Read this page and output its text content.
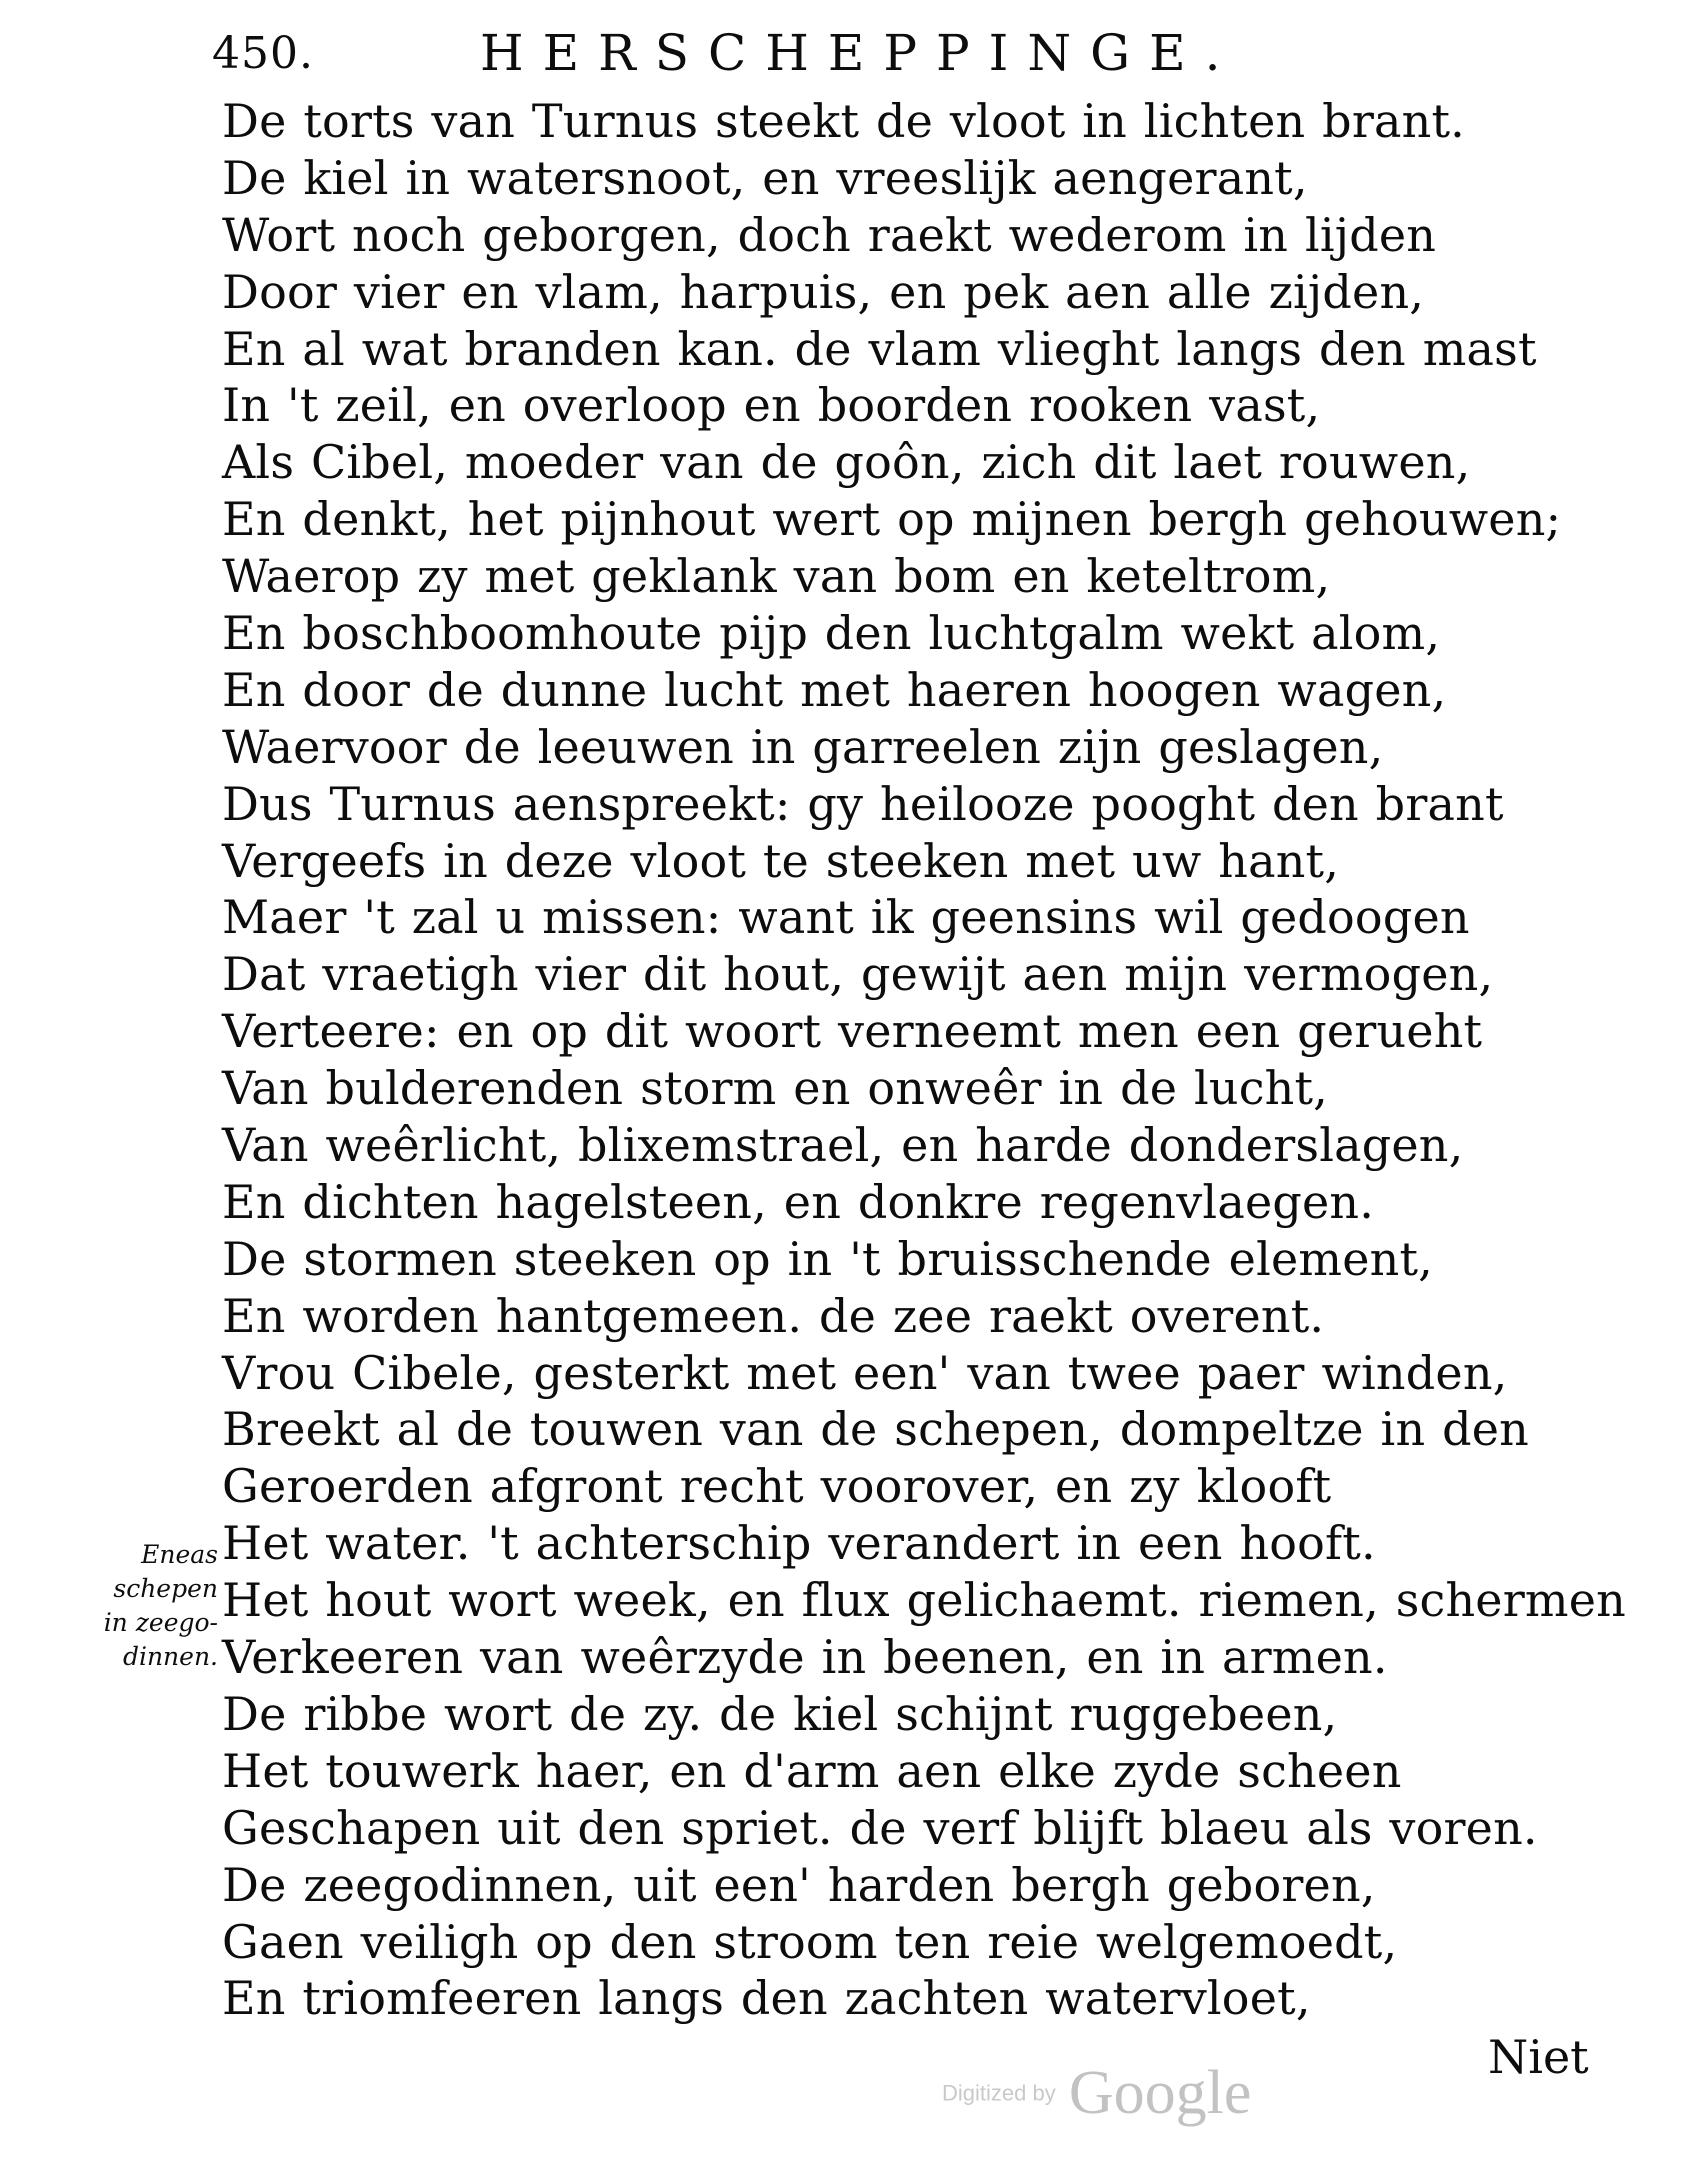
450.	HERSCHEPPINGE.
De torts van Turnus steekt de vloot in lichten brant.
De kiel in watersnoot, en vreeslijk aengerant,
Wort noch geborgen, doch raekt wederom in lijden
Door vier en vlam, harpuis, en pek aen alle zijden,
En al wat branden kan. de vlam vlieght langs den mast
In 't zeil, en overloop en boorden rooken vast,
Als Cibel, moeder van de goôn, zich dit laet rouwen,
En denkt, het pijnhout wert op mijnen bergh gehouwen;
Waerop zy met geklank van bom en keteltrom,
En boschboomhoute pijp den luchtgalm wekt alom,
En door de dunne lucht met haeren hoogen wagen,
Waervoor de leeuwen in garreelen zijn geslagen,
Dus Turnus aenspreekt: gy heilooze pooght den brant
Vergeefs in deze vloot te steeken met uw hant,
Maer 't zal u missen: want ik geensins wil gedoogen
Dat vraetigh vier dit hout, gewijt aen mijn vermogen,
Verteere: en op dit woort verneemt men een gerueht
Van bulderenden storm en onweêr in de lucht,
Van weêrlicht, blixemstrael, en harde donderslagen,
En dichten hagelsteen, en donkre regenvlaegen.
De stormen steeken op in 't bruisschende element,
En worden hantgemeen. de zee raekt overent.
Vrou Cibele, gesterkt met een' van twee paer winden,
Breekt al de touwen van de schepen, dompeltze in den
Geroerden afgront recht voorover, en zy klooft
Het water. 't achterschip verandert in een hooft.
Het hout wort week, en flux gelichaemt. riemen, schermen
Verkeeren van weêrzyde in beenen, en in armen.
De ribbe wort de zy. de kiel schijnt ruggebeen,
Het touwerk haer, en d'arm aen elke zyde scheen
Geschapen uit den spriet. de verf blijft blaeu als voren.
De zeegodinnen, uit een' harden bergh geboren,
Gaen veiligh op den stroom ten reie welgemoedt,
En triomfeeren langs den zachten watervloet,
Eneas
schepen
in zeego-
dinnen.
Niet
Digitized by Google
